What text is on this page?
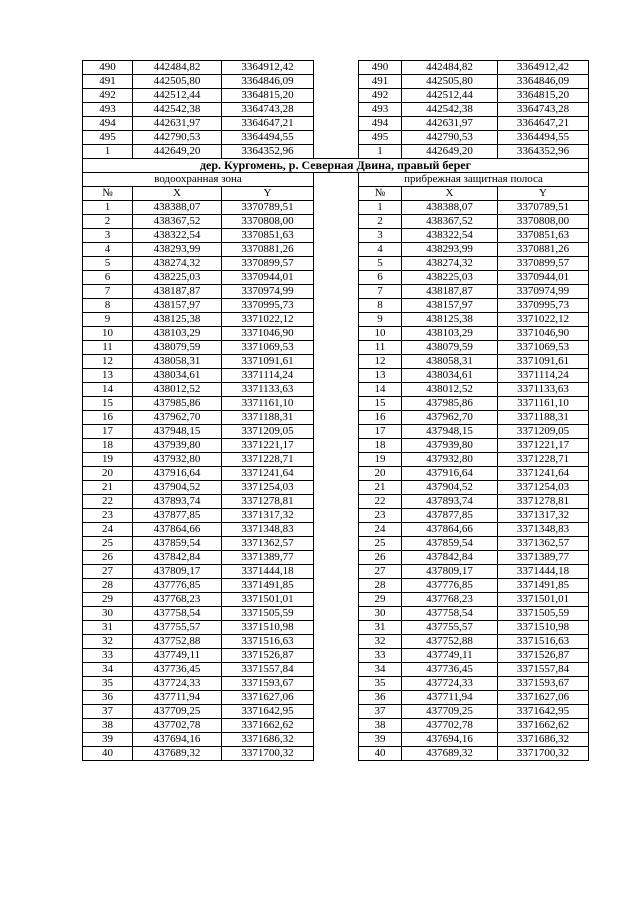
490	442484,82	3364912,42		490	442484,82	3364912,42
491	442505,80	3364846,09		491	442505,80	3364846,09
492	442512,44	3364815,20		492	442512,44	3364815,20
493	442542,38	3364743,28		493	442542,38	3364743,28
494	442631,97	3364647,21		494	442631,97	3364647,21
495	442790,53	3364494,55		495	442790,53	3364494,55
1	442649,20	3364352,96		1	442649,20	3364352,96
дер. Кургомень, р. Северная Двина, правый берег						
водоохранная зона				прибрежная защитная полоса		
№	X	Y		№	X	Y
1	438388,07	3370789,51		1	438388,07	3370789,51
2	438367,52	3370808,00		2	438367,52	3370808,00
3	438322,54	3370851,63		3	438322,54	3370851,63
4	438293,99	3370881,26		4	438293,99	3370881,26
5	438274,32	3370899,57		5	438274,32	3370899,57
6	438225,03	3370944,01		6	438225,03	3370944,01
7	438187,87	3370974,99		7	438187,87	3370974,99
8	438157,97	3370995,73		8	438157,97	3370995,73
9	438125,38	3371022,12		9	438125,38	3371022,12
10	438103,29	3371046,90		10	438103,29	3371046,90
11	438079,59	3371069,53		11	438079,59	3371069,53
12	438058,31	3371091,61		12	438058,31	3371091,61
13	438034,61	3371114,24		13	438034,61	3371114,24
14	438012,52	3371133,63		14	438012,52	3371133,63
15	437985,86	3371161,10		15	437985,86	3371161,10
16	437962,70	3371188,31		16	437962,70	3371188,31
17	437948,15	3371209,05		17	437948,15	3371209,05
18	437939,80	3371221,17		18	437939,80	3371221,17
19	437932,80	3371228,71		19	437932,80	3371228,71
20	437916,64	3371241,64		20	437916,64	3371241,64
21	437904,52	3371254,03		21	437904,52	3371254,03
22	437893,74	3371278,81		22	437893,74	3371278,81
23	437877,85	3371317,32		23	437877,85	3371317,32
24	437864,66	3371348,83		24	437864,66	3371348,83
25	437859,54	3371362,57		25	437859,54	3371362,57
26	437842,84	3371389,77		26	437842,84	3371389,77
27	437809,17	3371444,18		27	437809,17	3371444,18
28	437776,85	3371491,85		28	437776,85	3371491,85
29	437768,23	3371501,01		29	437768,23	3371501,01
30	437758,54	3371505,59		30	437758,54	3371505,59
31	437755,57	3371510,98		31	437755,57	3371510,98
32	437752,88	3371516,63		32	437752,88	3371516,63
33	437749,11	3371526,87		33	437749,11	3371526,87
34	437736,45	3371557,84		34	437736,45	3371557,84
35	437724,33	3371593,67		35	437724,33	3371593,67
36	437711,94	3371627,06		36	437711,94	3371627,06
37	437709,25	3371642,95		37	437709,25	3371642,95
38	437702,78	3371662,62		38	437702,78	3371662,62
39	437694,16	3371686,32		39	437694,16	3371686,32
40	437689,32	3371700,32		40	437689,32	3371700,32
